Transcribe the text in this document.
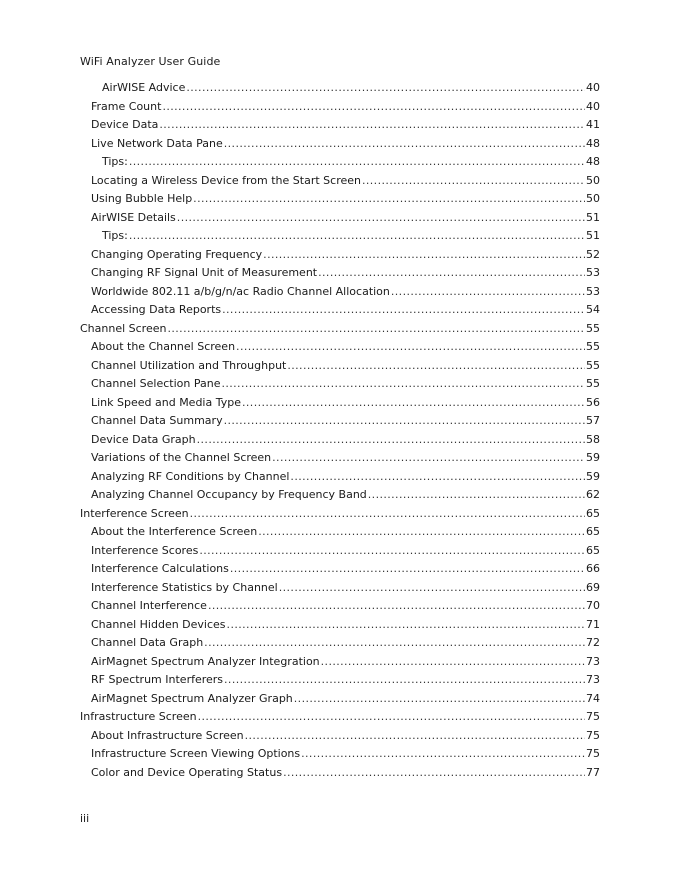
WiFi Analyzer User Guide
AirWISE Advice .....	40
Frame Count .....	40
Device Data .....	41
Live Network Data Pane .....	48
Tips: .....	48
Locating a Wireless Device from the Start Screen .....	50
Using Bubble Help .....	50
AirWISE Details .....	51
Tips: .....	51
Changing Operating Frequency .....	52
Changing RF Signal Unit of Measurement .....	53
Worldwide 802.11 a/b/g/n/ac Radio Channel Allocation .....	53
Accessing Data Reports .....	54
Channel Screen .....	55
About the Channel Screen .....	55
Channel Utilization and Throughput .....	55
Channel Selection Pane .....	55
Link Speed and Media Type .....	56
Channel Data Summary .....	57
Device Data Graph .....	58
Variations of the Channel Screen .....	59
Analyzing RF Conditions by Channel .....	59
Analyzing Channel Occupancy by Frequency Band .....	62
Interference Screen .....	65
About the Interference Screen .....	65
Interference Scores .....	65
Interference Calculations .....	66
Interference Statistics by Channel .....	69
Channel Interference .....	70
Channel Hidden Devices .....	71
Channel Data Graph .....	72
AirMagnet Spectrum Analyzer Integration .....	73
RF Spectrum Interferers .....	73
AirMagnet Spectrum Analyzer Graph .....	74
Infrastructure Screen .....	75
About Infrastructure Screen .....	75
Infrastructure Screen Viewing Options .....	75
Color and Device Operating Status .....	77
iii
